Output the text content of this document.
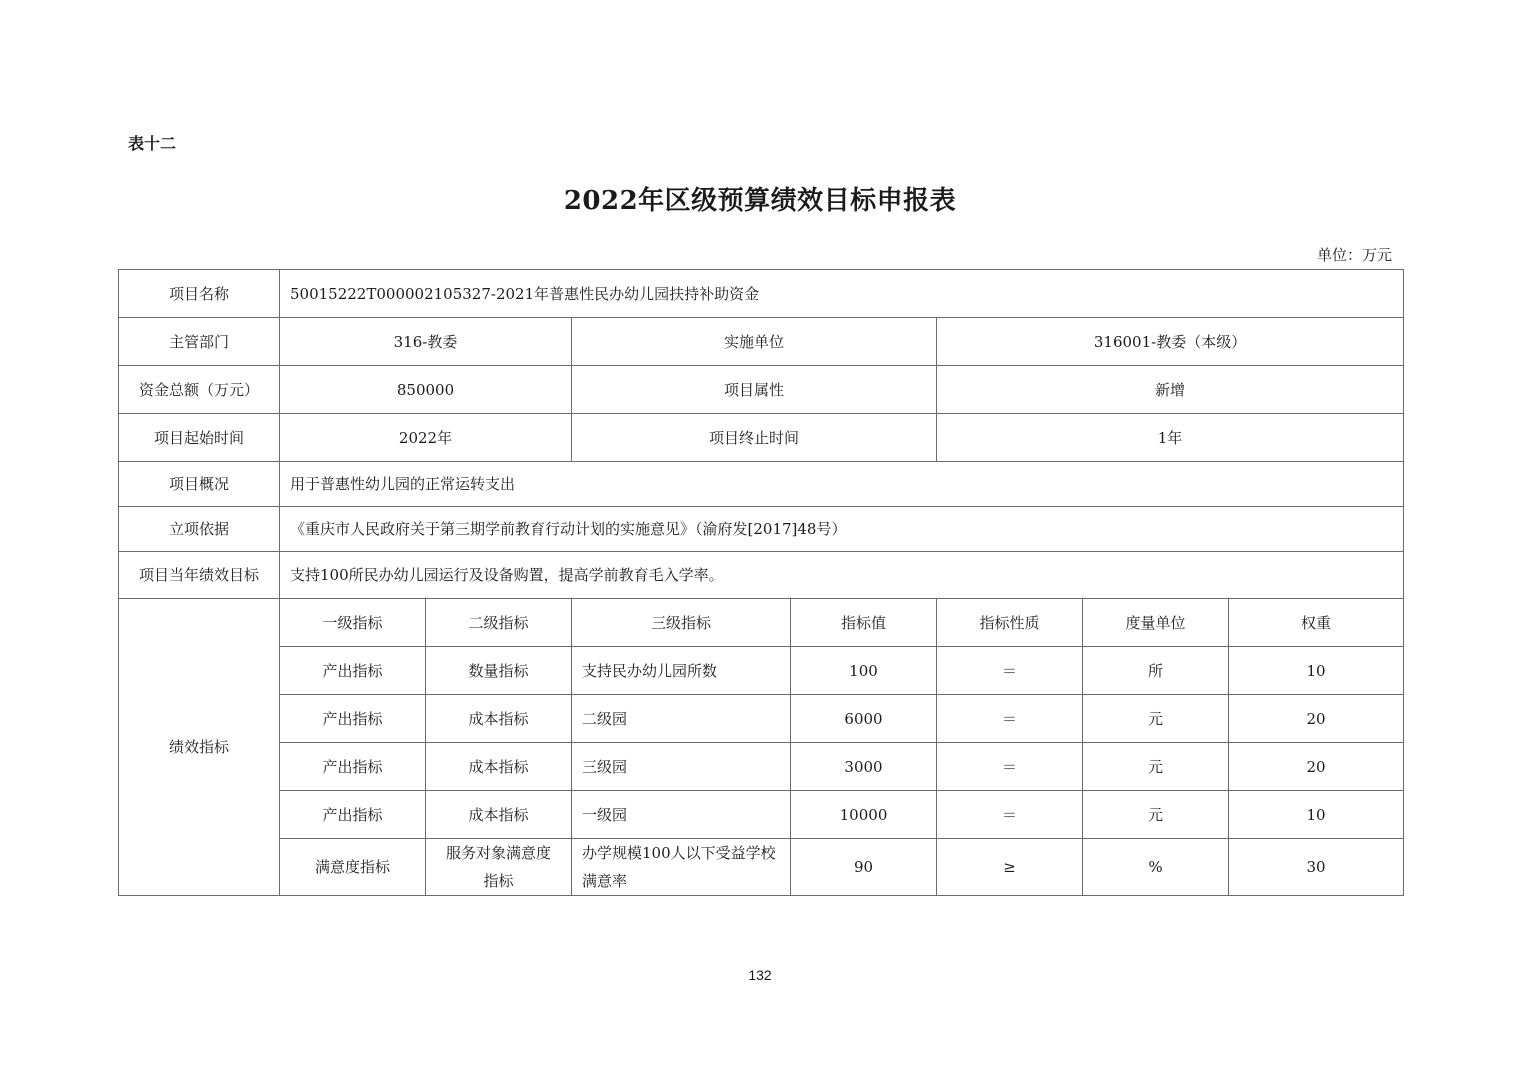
表十二
2022年区级预算绩效目标申报表
单位：万元
项目名称	50015222T000002105327-2021年普惠性民办幼儿园扶持补助资金						
主管部门	316-教委		实施单位		316001-教委（本级）		
资金总额（万元）	850000		项目属性		新增		
项目起始时间	2022年		项目终止时间		1年		
项目概况	用于普惠性幼儿园的正常运转支出						
立项依据	《重庆市人民政府关于第三期学前教育行动计划的实施意见》（渝府发[2017]48号）						
项目当年绩效目标	支持100所民办幼儿园运行及设备购置，提高学前教育毛入学率。						
绩效指标	一级指标	二级指标	三级指标	指标值	指标性质	度量单位	权重
	产出指标	数量指标	支持民办幼儿园所数	100	＝	所	10
	产出指标	成本指标	二级园	6000	＝	元	20
	产出指标	成本指标	三级园	3000	＝	元	20
	产出指标	成本指标	一级园	10000	＝	元	10
	满意度指标	服务对象满意度指标	办学规模100人以下受益学校满意率	90	≥	%	30
132
